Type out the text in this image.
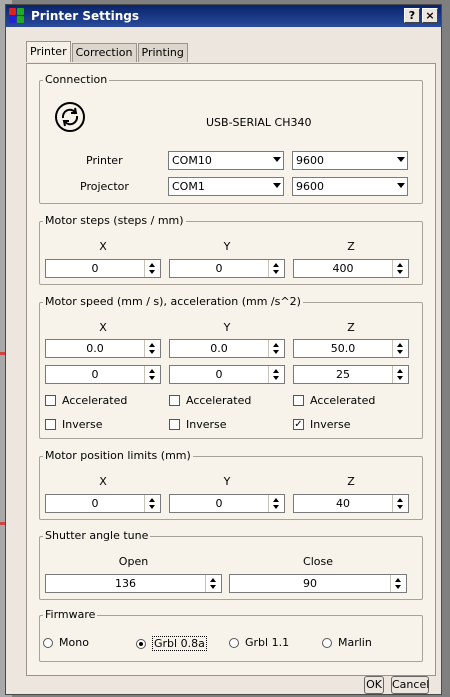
Printer Settings	? ×
Printer Correction Printing
Connection
USB-SERIAL CH340
Printer	COM10	9600
Projector	COM1	9600
Motor steps (steps / mm)
X	Y	Z
0	0	400
Motor speed (mm / s), acceleration (mm /s^2)
X	Y	Z
0.0	0.0	50.0
0	0	25
Accelerated	Accelerated	Accelerated
Inverse	Inverse	✓ Inverse
Motor position limits (mm)
X	Y	Z
0	0	40
Shutter angle tune
Open	Close
136	90
Firmware
Mono	Grbl 0.8a	Grbl 1.1	Marlin
OK Cancel
